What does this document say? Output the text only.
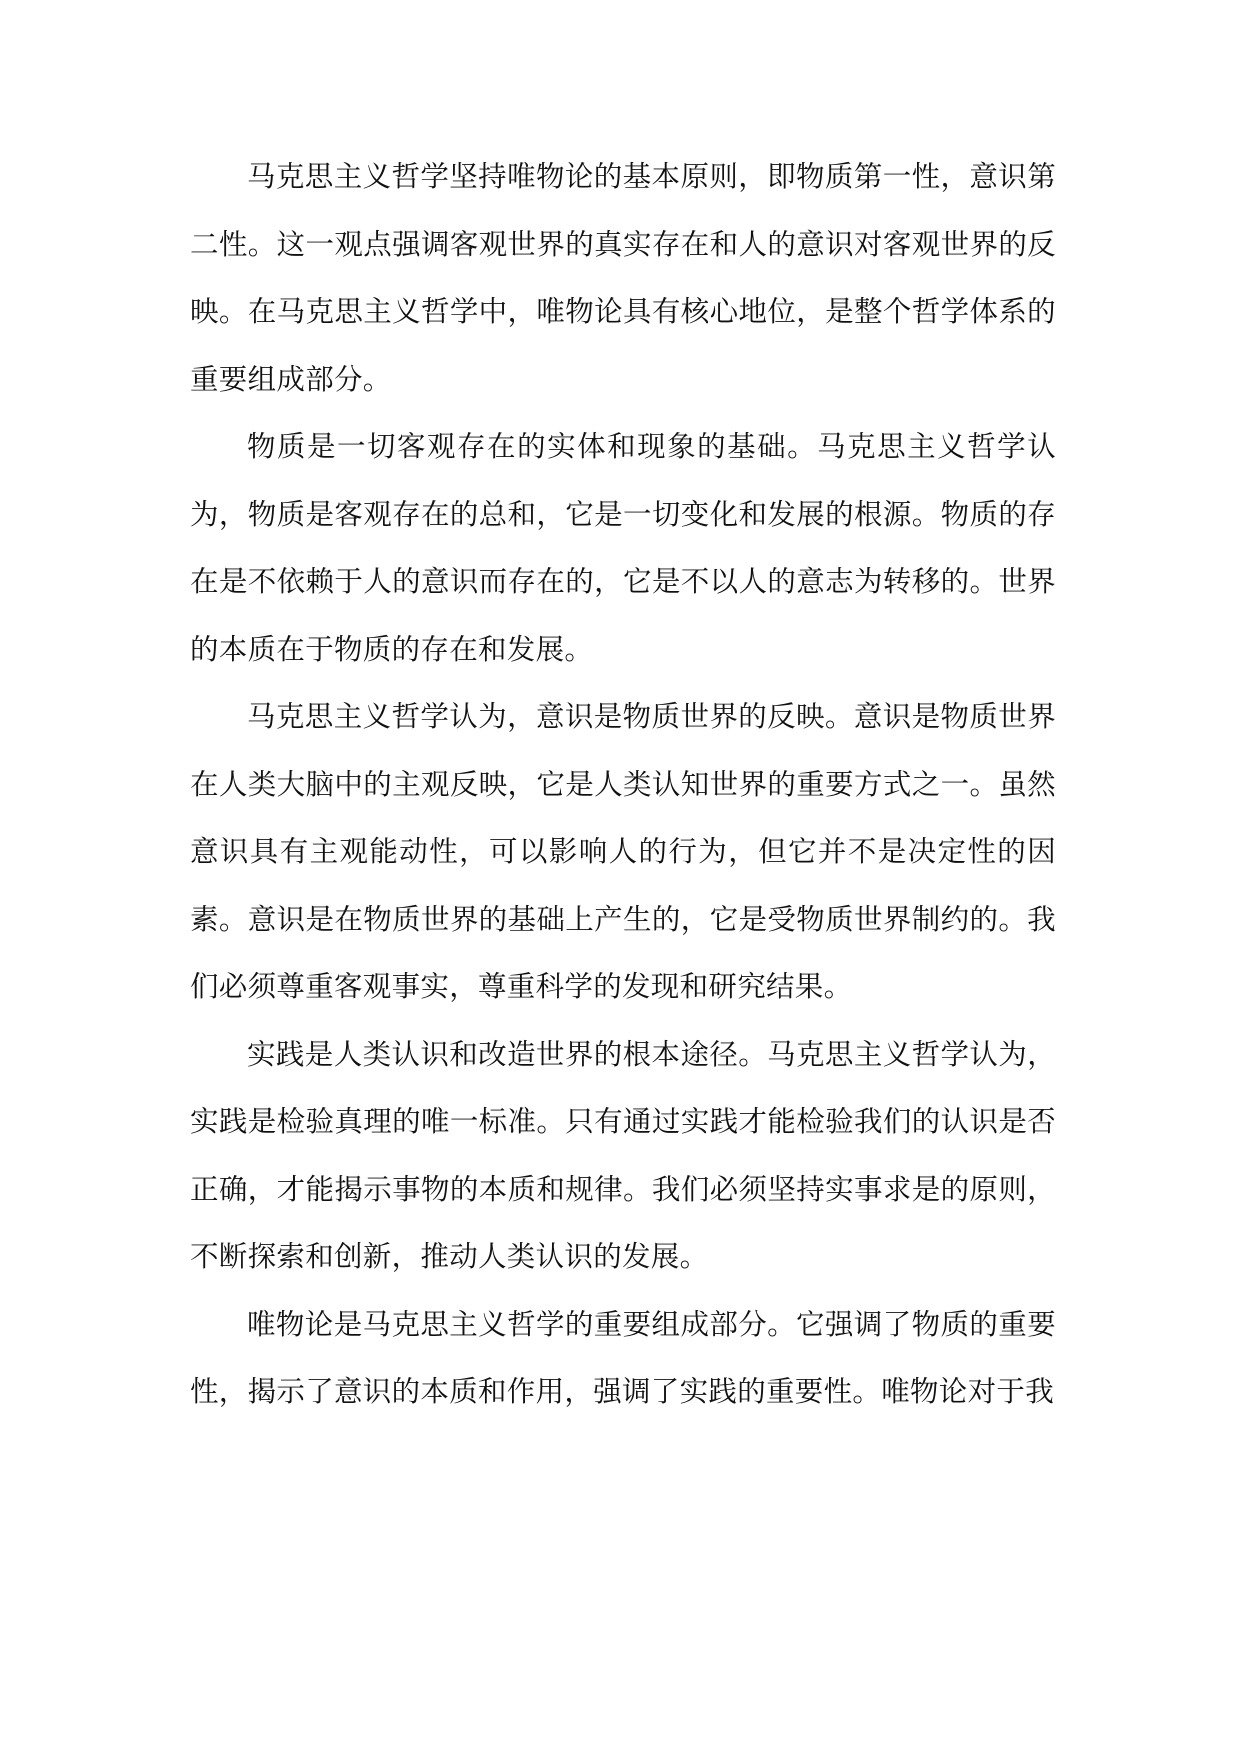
马克思主义哲学坚持唯物论的基本原则，即物质第一性，意识第二性。这一观点强调客观世界的真实存在和人的意识对客观世界的反映。在马克思主义哲学中，唯物论具有核心地位，是整个哲学体系的重要组成部分。

物质是一切客观存在的实体和现象的基础。马克思主义哲学认为，物质是客观存在的总和，它是一切变化和发展的根源。物质的存在是不依赖于人的意识而存在的，它是不以人的意志为转移的。世界的本质在于物质的存在和发展。

马克思主义哲学认为，意识是物质世界的反映。意识是物质世界在人类大脑中的主观反映，它是人类认知世界的重要方式之一。虽然意识具有主观能动性，可以影响人的行为，但它并不是决定性的因素。意识是在物质世界的基础上产生的，它是受物质世界制约的。我们必须尊重客观事实，尊重科学的发现和研究结果。

实践是人类认识和改造世界的根本途径。马克思主义哲学认为，实践是检验真理的唯一标准。只有通过实践才能检验我们的认识是否正确，才能揭示事物的本质和规律。我们必须坚持实事求是的原则，不断探索和创新，推动人类认识的发展。

唯物论是马克思主义哲学的重要组成部分。它强调了物质的重要性，揭示了意识的本质和作用，强调了实践的重要性。唯物论对于我
